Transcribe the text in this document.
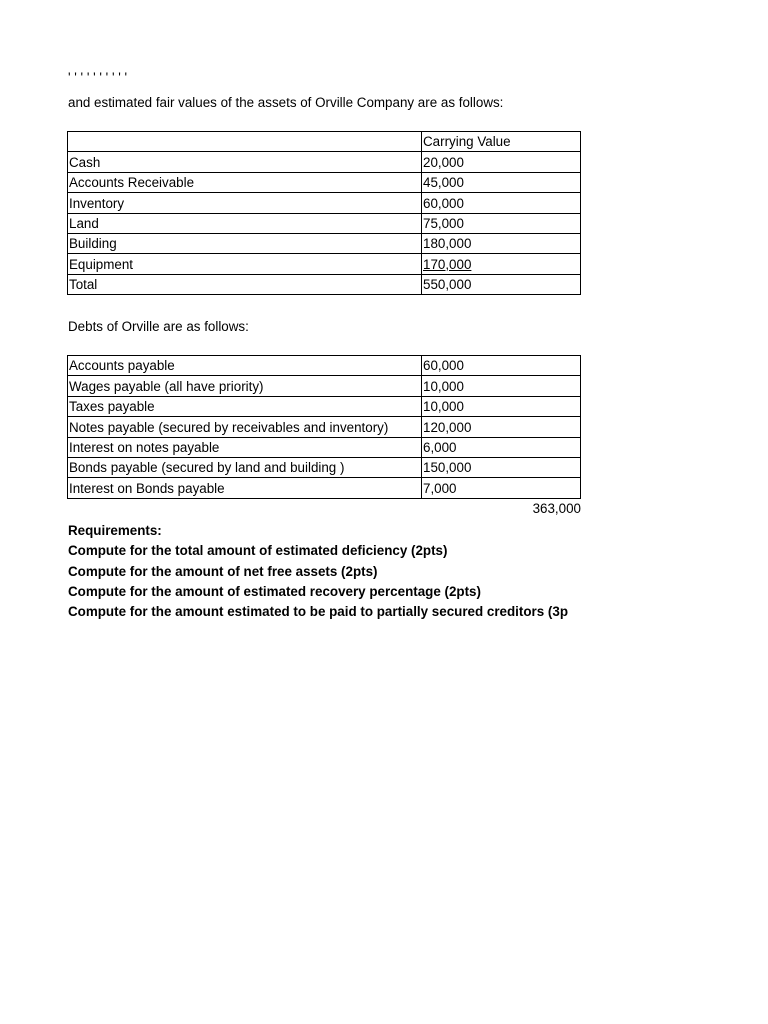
' ' ' ' ' ' ' ' ' '
and estimated fair values of the assets of Orville Company are as follows:
	Carrying Value
Cash	20,000
Accounts Receivable	45,000
Inventory	60,000
Land	75,000
Building	180,000
Equipment	170,000
Total	550,000
Debts of Orville are as follows:
Accounts payable	60,000
Wages payable (all have priority)	10,000
Taxes payable	10,000
Notes payable (secured by receivables and inventory)	120,000
Interest on notes payable	6,000
Bonds payable (secured by land and building )	150,000
Interest on Bonds payable	7,000
363,000
Requirements:
Compute for the total amount of estimated deficiency (2pts)
Compute for the amount of net free assets (2pts)
Compute for the amount of estimated recovery percentage (2pts)
Compute for the amount estimated to be paid to partially secured creditors (3p
